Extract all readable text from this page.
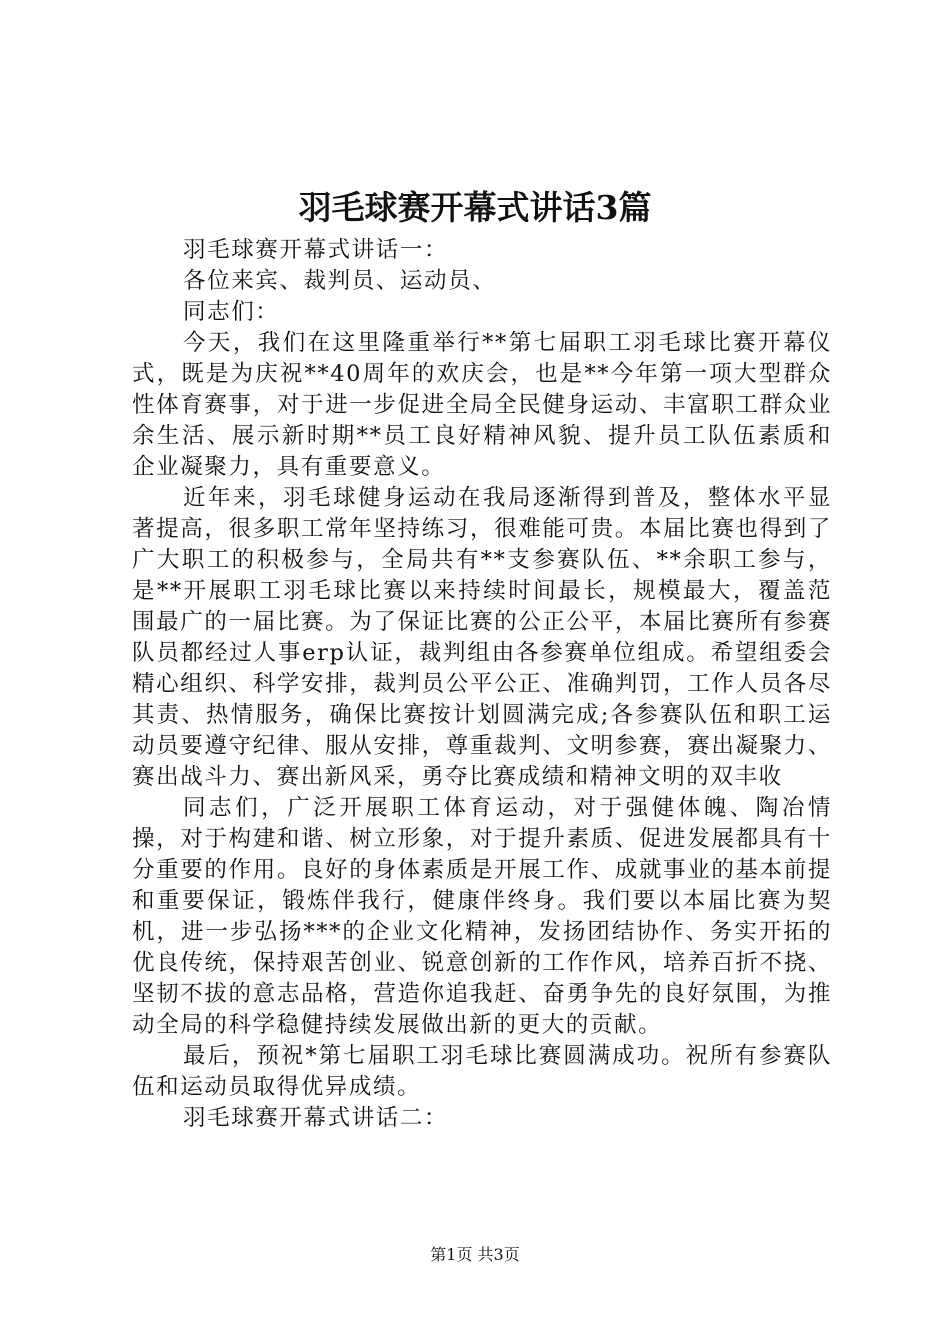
羽毛球赛开幕式讲话3篇

羽毛球赛开幕式讲话一：

各位来宾、裁判员、运动员、

同志们：

今天，我们在这里隆重举行**第七届职工羽毛球比赛开幕仪式，既是为庆祝**40周年的欢庆会，也是**今年第一项大型群众性体育赛事，对于进一步促进全局全民健身运动、丰富职工群众业余生活、展示新时期**员工良好精神风貌、提升员工队伍素质和企业凝聚力，具有重要意义。

近年来，羽毛球健身运动在我局逐渐得到普及，整体水平显著提高，很多职工常年坚持练习，很难能可贵。本届比赛也得到了广大职工的积极参与，全局共有**支参赛队伍、**余职工参与，是**开展职工羽毛球比赛以来持续时间最长，规模最大，覆盖范围最广的一届比赛。为了保证比赛的公正公平，本届比赛所有参赛队员都经过人事erp认证，裁判组由各参赛单位组成。希望组委会精心组织、科学安排，裁判员公平公正、准确判罚，工作人员各尽其责、热情服务，确保比赛按计划圆满完成;各参赛队伍和职工运动员要遵守纪律、服从安排，尊重裁判、文明参赛，赛出凝聚力、赛出战斗力、赛出新风采，勇夺比赛成绩和精神文明的双丰收

同志们，广泛开展职工体育运动，对于强健体魄、陶冶情操，对于构建和谐、树立形象，对于提升素质、促进发展都具有十分重要的作用。良好的身体素质是开展工作、成就事业的基本前提和重要保证，锻炼伴我行，健康伴终身。我们要以本届比赛为契机，进一步弘扬***的企业文化精神，发扬团结协作、务实开拓的优良传统，保持艰苦创业、锐意创新的工作作风，培养百折不挠、坚韧不拔的意志品格，营造你追我赶、奋勇争先的良好氛围，为推动全局的科学稳健持续发展做出新的更大的贡献。

最后，预祝*第七届职工羽毛球比赛圆满成功。祝所有参赛队伍和运动员取得优异成绩。

羽毛球赛开幕式讲话二：

第1页 共3页
